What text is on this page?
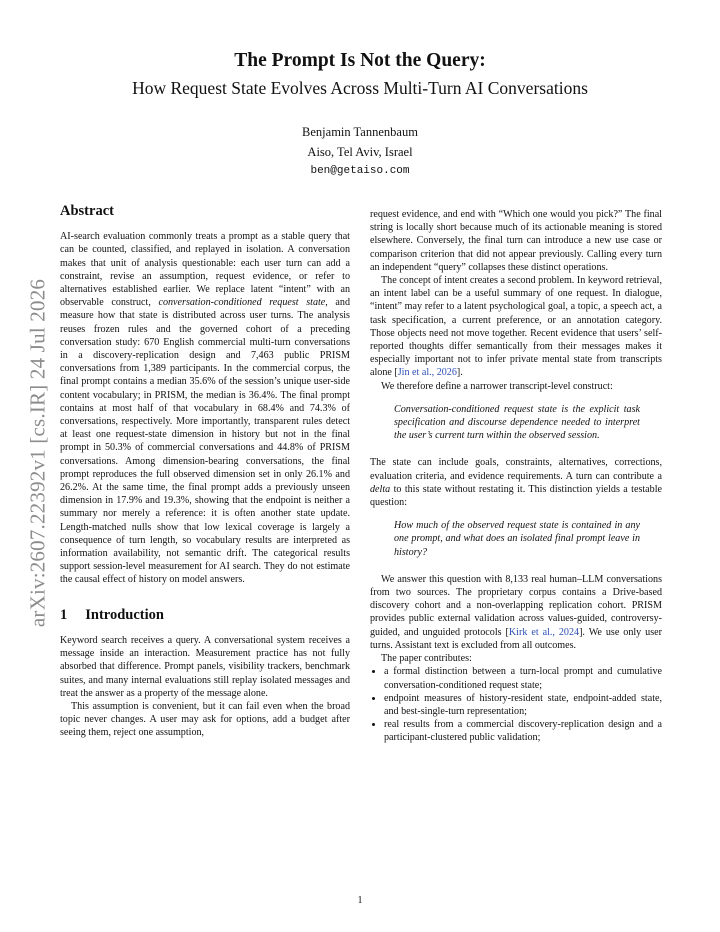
arXiv:2607.22392v1 [cs.IR] 24 Jul 2026
The Prompt Is Not the Query:
How Request State Evolves Across Multi-Turn AI Conversations
Benjamin Tannenbaum
Aiso, Tel Aviv, Israel
ben@getaiso.com
Abstract

AI-search evaluation commonly treats a prompt as a stable query that can be counted, classified, and replayed in isolation. A conversation makes that unit of analysis questionable: each user turn can add a constraint, revise an assumption, request evidence, or refer to alternatives established earlier. We replace latent “intent” with an observable construct, conversation-conditioned request state, and measure how that state is distributed across user turns. The analysis reuses frozen rules and the governed cohort of a preceding conversation study: 670 English commercial multi-turn conversations in a discovery-replication design and 7,463 public PRISM conversations from 1,389 participants. In the commercial corpus, the final prompt contains a median 35.6% of the session’s unique user-side content vocabulary; in PRISM, the median is 36.4%. The final prompt contains at most half of that vocabulary in 68.4% and 74.3% of conversations, respectively. More importantly, transparent rules detect at least one request-state dimension in history but not in the final prompt in 50.3% of commercial conversations and 44.8% of PRISM conversations. Among dimension-bearing conversations, the final prompt reproduces the full observed dimension set in only 26.1% and 26.2%. At the same time, the final prompt adds a previously unseen dimension in 17.9% and 19.3%, showing that the endpoint is neither a summary nor merely a reference: it is often another state update. Length-matched nulls show that low lexical coverage is largely a consequence of turn length, so vocabulary results are interpreted as information availability, not semantic drift. The categorical results support session-level measurement for AI search. They do not estimate the causal effect of history on model answers.

1 Introduction

Keyword search receives a query. A conversational system receives a message inside an interaction. Measurement practice has not fully absorbed that difference. Prompt panels, visibility trackers, benchmark suites, and many internal evaluations still replay isolated messages and treat the answer as a property of the message alone.

This assumption is convenient, but it can fail even when the broad topic never changes. A user may ask for options, add a budget after seeing them, reject one assumption,

request evidence, and end with “Which one would you pick?” The final string is locally short because much of its actionable meaning is stored elsewhere. Conversely, the final turn can introduce a new use case or comparison criterion that did not appear previously. Calling every turn an independent “query” collapses these distinct operations.

The concept of intent creates a second problem. In keyword retrieval, an intent label can be a useful summary of one request. In dialogue, “intent” may refer to a latent psychological goal, a topic, a speech act, a task specification, a current preference, or an annotation category. Those objects need not move together. Recent evidence that users’ self-reported thoughts differ semantically from their messages makes it especially important not to infer private mental state from transcripts alone [Jin et al., 2026].

We therefore define a narrower transcript-level construct:

Conversation-conditioned request state is the explicit task specification and discourse dependence needed to interpret the user’s current turn within the observed session.

The state can include goals, constraints, alternatives, corrections, evaluation criteria, and evidence requirements. A turn can contribute a delta to this state without restating it. This distinction yields a testable question:

How much of the observed request state is contained in any one prompt, and what does an isolated final prompt leave in history?

We answer this question with 8,133 real human–LLM conversations from two sources. The proprietary corpus contains a Drive-based discovery cohort and a non-overlapping replication cohort. PRISM provides public external validation across values-guided, controversy-guided, and unguided protocols [Kirk et al., 2024]. We use only user turns. Assistant text is excluded from all outcomes.

The paper contributes:

• a formal distinction between a turn-local prompt and cumulative conversation-conditioned request state;
• endpoint measures of history-resident state, endpoint-added state, and best-single-turn representation;
• real results from a commercial discovery-replication design and a participant-clustered public validation;
1
